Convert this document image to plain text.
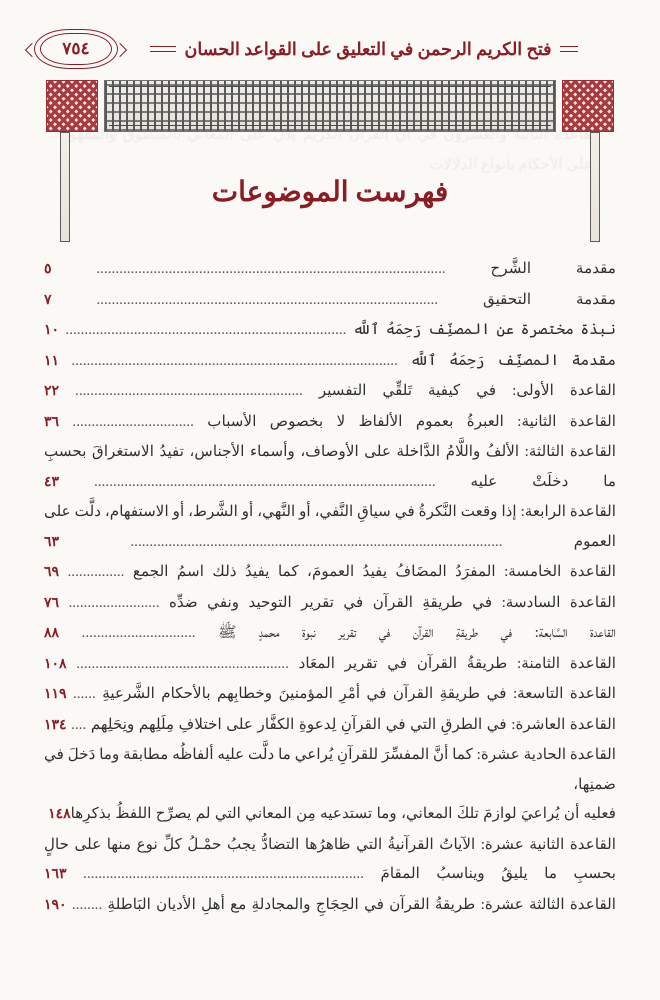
القاعدة الثانية والعشرون في أن القرآن الكريم يدل على المعاني بالمنطوق والمفهوم وعلى الأحكام بأنواع الدلالات
فتح الكريم الرحمن في التعليق على القواعد الحسان
٧٥٤
فهرست الموضوعات
مقدمة الشَّرح ............................................................................................ ٥
مقدمة التحقيق .......................................................................................... ٧
نبذة مختصرة عن المصنِّف رَحِمَهُ ٱللَّه .......................................................................... ١٠
مقدمة المصنِّف رَحِمَهُ ٱللَّه ...................................................................................... ١١
القاعدة الأولى: في كيفية تَلقِّي التفسير ............................................................ ٢٢
القاعدة الثانية: العبرةُ بعموم الألفاظ لا بخصوص الأسباب ................................ ٣٦
القاعدة الثالثة: الألفُ واللَّامُ الدَّاخلة على الأوصاف، وأسماء الأجناس، تفيدُ الاستغراقَ بحسبِ
ما دخلَتْ عليه .......................................................................................... ٤٣
القاعدة الرابعة: إذا وقعت النَّكرةُ في سياقِ النَّفي، أو النَّهي، أو الشَّرط، أو الاستفهام، دلَّت على
العموم .................................................................................................. ٦٣
القاعدة الخامسة: المفرَدُ المضَافُ يفيدُ العمومَ، كما يفيدُ ذلك اسمُ الجمع ............... ٦٩
القاعدة السادسة: في طريقةِ القرآن في تقرير التوحيد ونفي ضدِّه ........................ ٧٦
القاعدة السَّابعة: في طريقةِ القرآن في تقرير نبوة محمدٍ ﷺ .............................. ٨٨
القاعدة الثامنة: طريقةُ القرآن في تقرير المعَاد ........................................................ ١٠٨
القاعدة التاسعة: في طريقةِ القرآن في أمْرِ المؤمنينَ وخطابِهم بالأحكام الشَّرعيةِ ...... ١١٩
القاعدة العاشرة: في الطرقِ التي في القرآنِ لِدعوةِ الكفَّار على اختلافِ مِلَلِهم ونِحَلِهم .... ١٣٤
القاعدة الحادية عشرة: كما أنَّ المفسِّرَ للقرآنِ يُراعي ما دلَّت عليه ألفاظُه مطابقة وما دَخلَ في ضمنِها،
فعليه أن يُراعيَ لوازمَ تلكَ المعاني، وما تستدعيه مِن المعاني التي لم يصرِّح اللفظُ بذكرِها ١٤٨
القاعدة الثانية عشرة: الآياتُ القرآنيةُ التي ظاهرُها التضادُّ يجبُ حمْـلُ كلِّ نوع منها على حالٍ
بحسبِ ما يليقُ ويناسبُ المقامَ .......................................................................... ١٦٣
القاعدة الثالثة عشرة: طريقةُ القرآن في الحِجَاجِ والمجادلةِ مع أهلِ الأديان البَاطلةِ ........ ١٩٠
